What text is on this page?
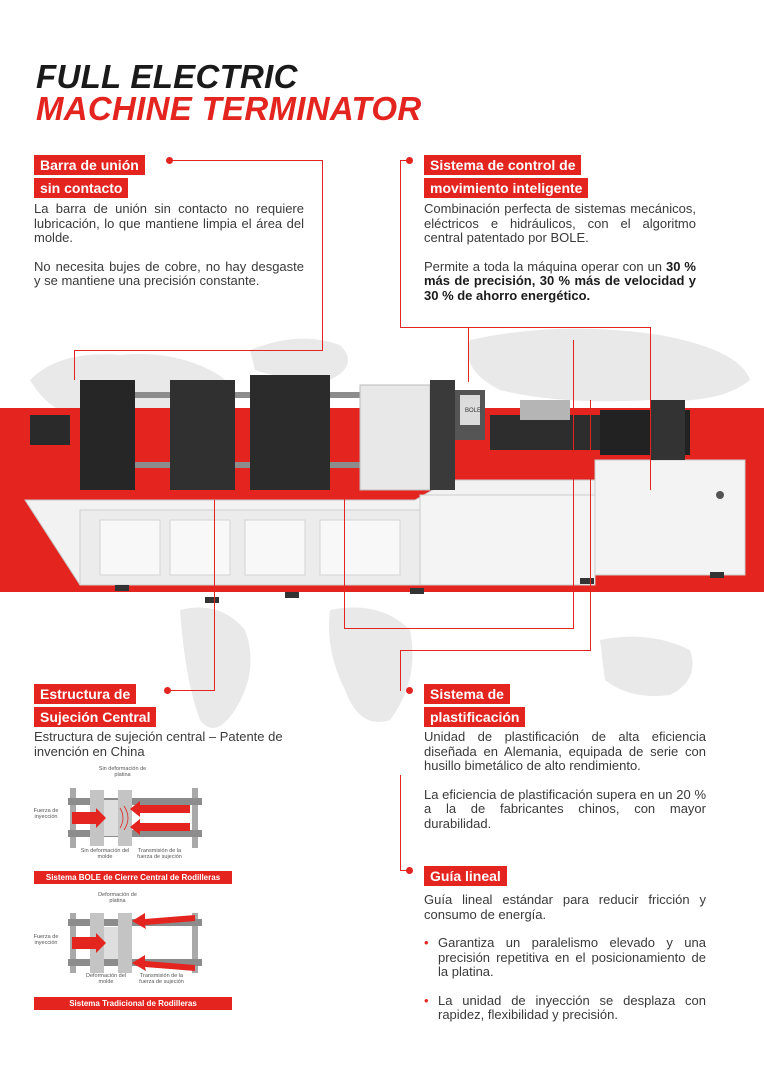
FULL ELECTRIC
MACHINE TERMINATOR
BOLE
Barra de unión
sin contacto

La barra de unión sin contacto no requiere lubricación, lo que mantiene limpia el área del molde.

No necesita bujes de cobre, no hay desgaste y se mantiene una precisión constante.

Sistema de control de
movimiento inteligente

Combinación perfecta de sistemas mecánicos, eléctricos e hidráulicos, con el algoritmo central patentado por BOLE.

Permite a toda la máquina operar con un 30 % más de precisión, 30 % más de velocidad y 30 % de ahorro energético.

Estructura de
Sujeción Central

Estructura de sujeción central – Patente de invención en China

Sin deformación de platina
Fuerza de inyección
Sin deformación del molde
Transmisión de la fuerza de sujeción
Sistema BOLE de Cierre Central de Rodilleras
Deformación de platina
Fuerza de inyección
Deformación del molde
Transmisión de la fuerza de sujeción
Sistema Tradicional de Rodilleras
Sistema de
plastificación

Unidad de plastificación de alta eficiencia diseñada en Alemania, equipada de serie con husillo bimetálico de alto rendimiento.

La eficiencia de plastificación supera en un 20 % a la de fabricantes chinos, con mayor durabilidad.

Guía lineal

Guía lineal estándar para reducir fricción y consumo de energía.

• Garantiza un paralelismo elevado y una precisión repetitiva en el posicionamiento de la platina.
• La unidad de inyección se desplaza con rapidez, flexibilidad y precisión.
